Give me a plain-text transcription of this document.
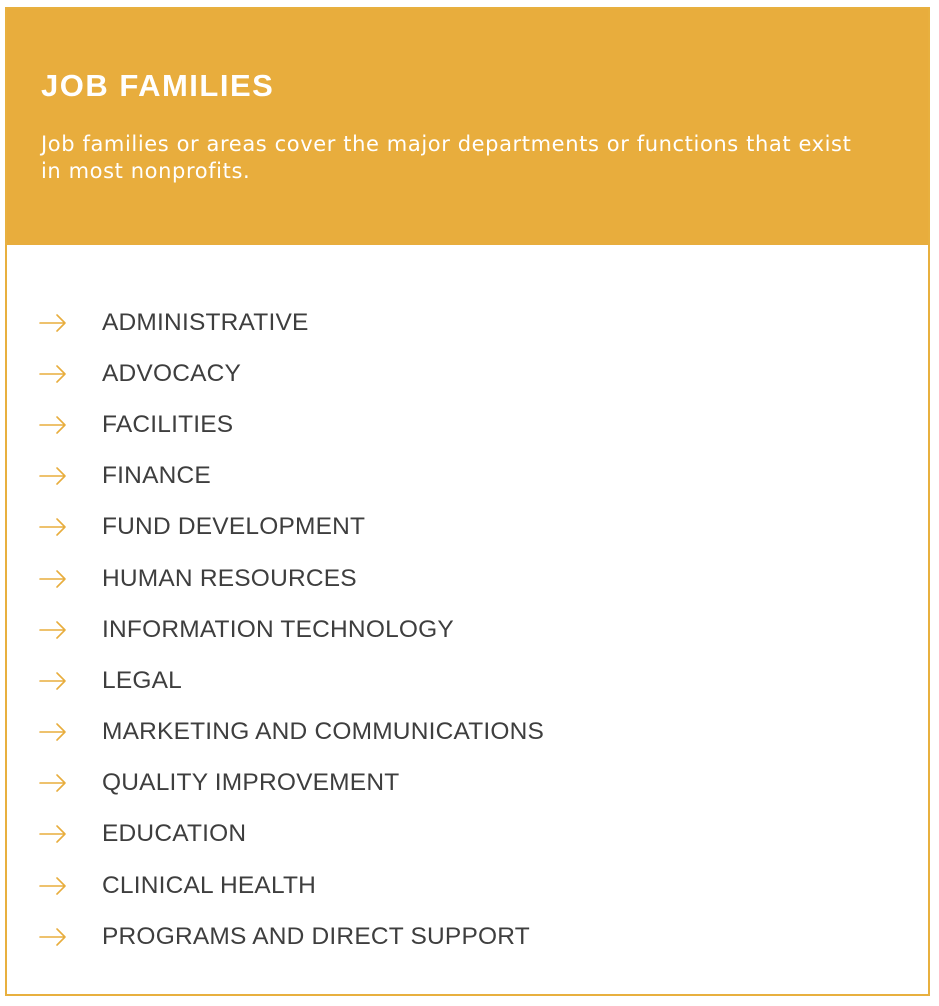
JOB FAMILIES

Job families or areas cover the major departments or functions that exist in most nonprofits.

ADMINISTRATIVE
ADVOCACY
FACILITIES
FINANCE
FUND DEVELOPMENT
HUMAN RESOURCES
INFORMATION TECHNOLOGY
LEGAL
MARKETING AND COMMUNICATIONS
QUALITY IMPROVEMENT
EDUCATION
CLINICAL HEALTH
PROGRAMS AND DIRECT SUPPORT
